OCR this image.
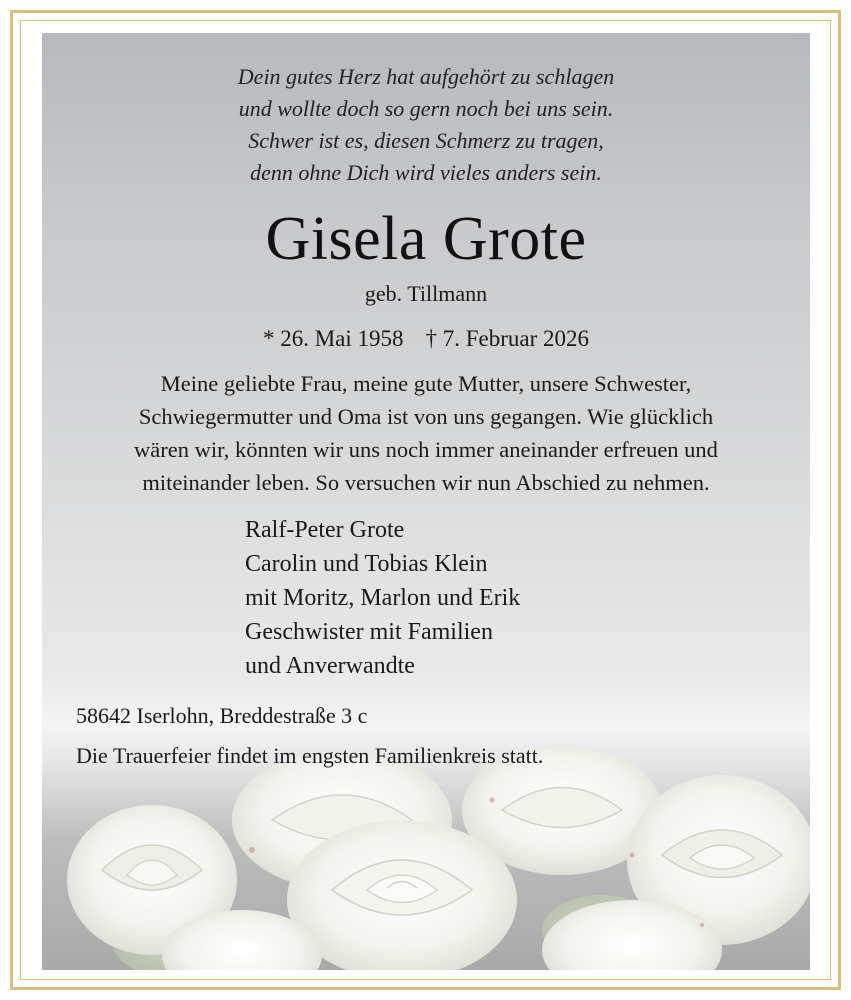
Dein gutes Herz hat aufgehört zu schlagen
und wollte doch so gern noch bei uns sein.
Schwer ist es, diesen Schmerz zu tragen,
denn ohne Dich wird vieles anders sein.
Gisela Grote
geb. Tillmann
* 26. Mai 1958 † 7. Februar 2026
Meine geliebte Frau, meine gute Mutter, unsere Schwester,
Schwiegermutter und Oma ist von uns gegangen. Wie glücklich
wären wir, könnten wir uns noch immer aneinander erfreuen und
miteinander leben. So versuchen wir nun Abschied zu nehmen.
Ralf-Peter Grote
Carolin und Tobias Klein
mit Moritz, Marlon und Erik
Geschwister mit Familien
und Anverwandte
58642 Iserlohn, Breddestraße 3 c
Die Trauerfeier findet im engsten Familienkreis statt.
